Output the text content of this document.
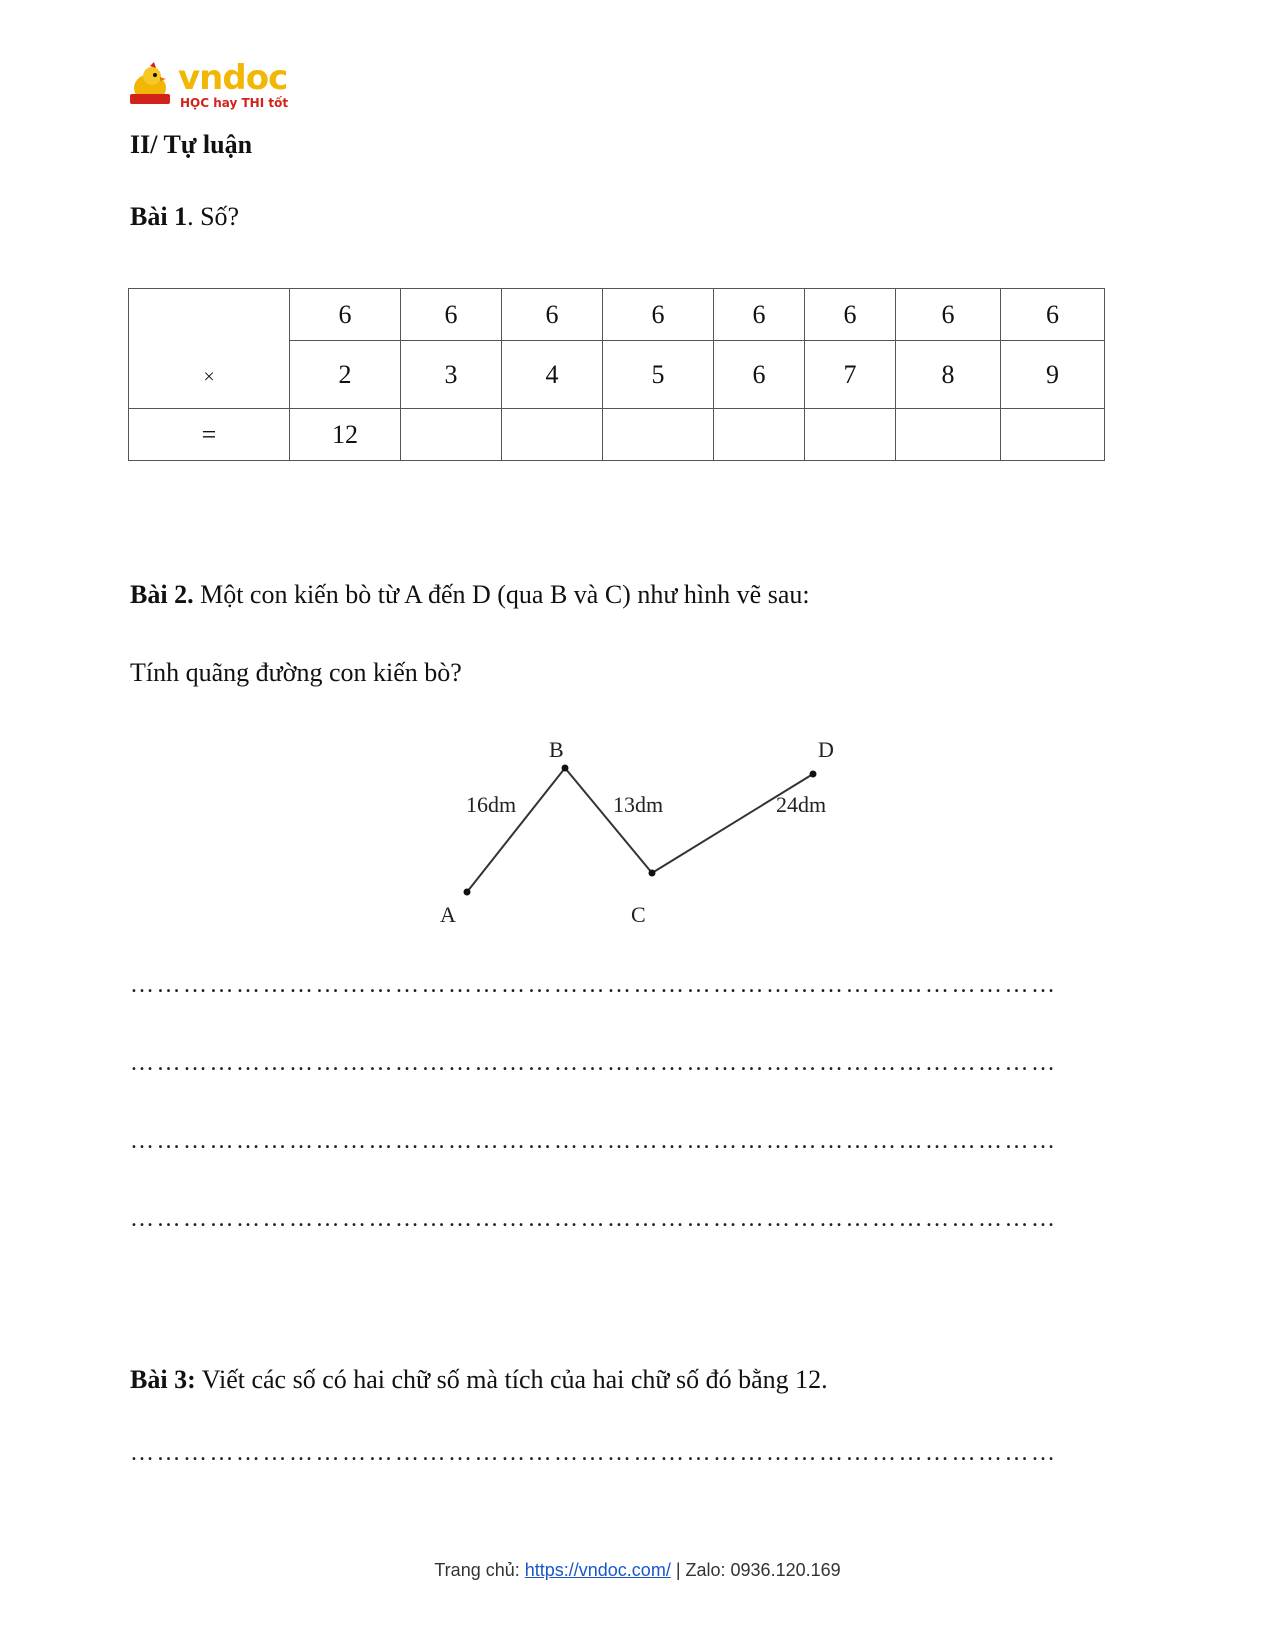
vndoc
HỌC hay THI tốt
II/ Tự luận
Bài 1. Số?
×	6	6	6	6	6	6	6	6
	2	3	4	5	6	7	8	9
=	12							
Bài 2. Một con kiến bò từ A đến D (qua B và C) như hình vẽ sau:
Tính quãng đường con kiến bò?
A
B
C
D
16dm	13dm	24dm
……………………………………………………………………………………………
……………………………………………………………………………………………
……………………………………………………………………………………………
……………………………………………………………………………………………
Bài 3: Viết các số có hai chữ số mà tích của hai chữ số đó bằng 12.
……………………………………………………………………………………………
Trang chủ: https://vndoc.com/ | Zalo: 0936.120.169
